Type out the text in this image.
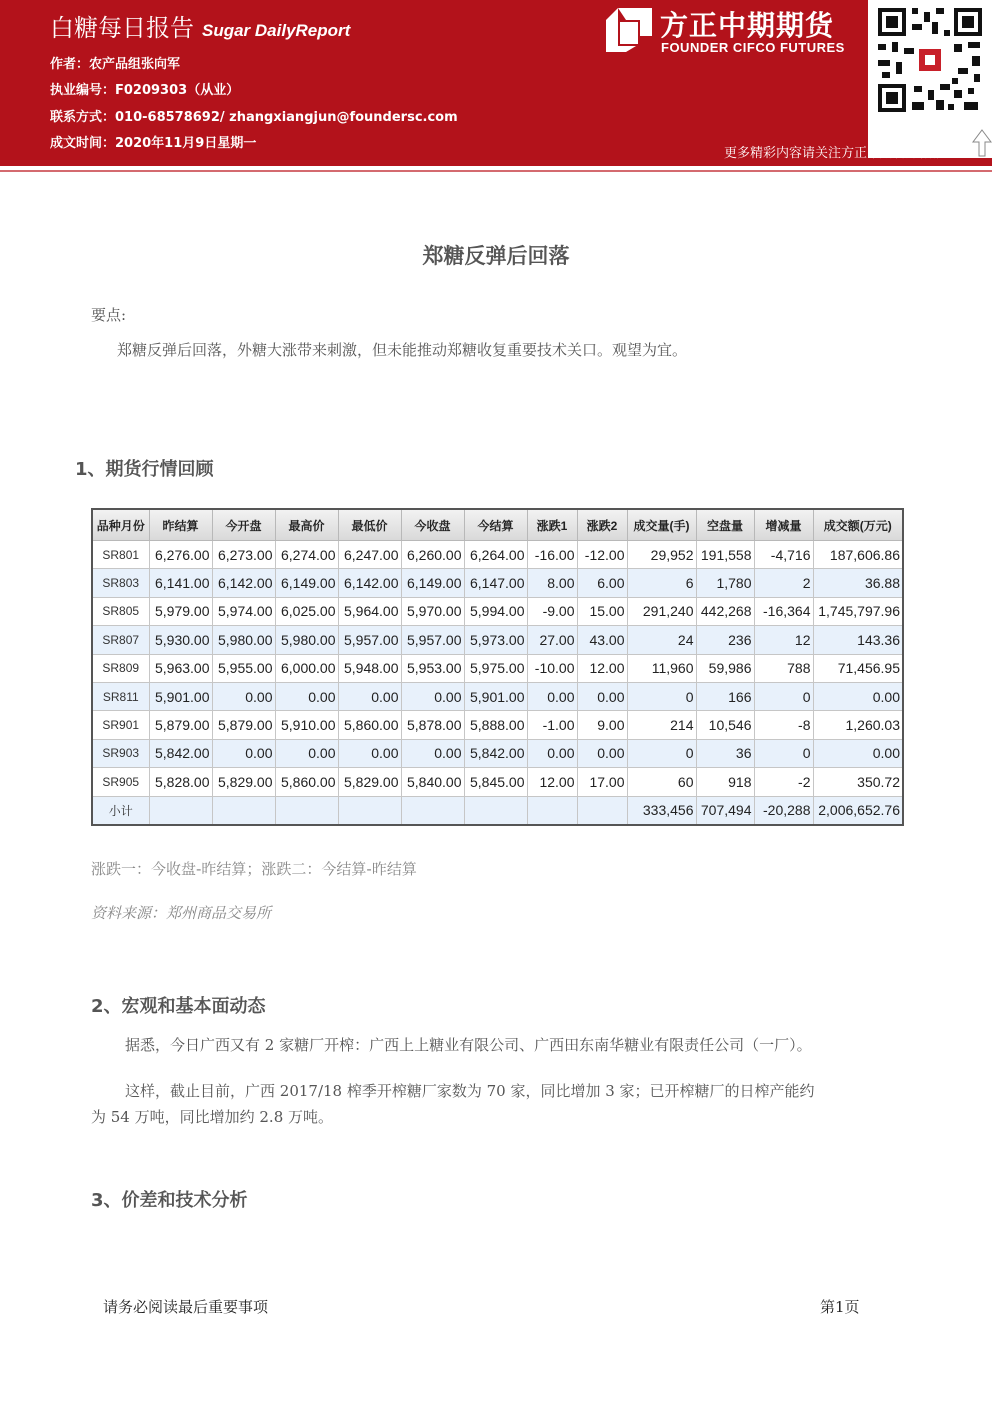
白糖每日报告 Sugar DailyReport
作者：农产品组张向军
执业编号：F0209303（从业）
联系方式：010-68578692/ zhangxiangjun@foundersc.com
成文时间：2020年11月9日星期一
方正中期期货
FOUNDER CIFCO FUTURES
更多精彩内容请关注方正中期官方微信
郑糖反弹后回落
要点:
郑糖反弹后回落，外糖大涨带来刺激，但未能推动郑糖收复重要技术关口。观望为宜。
1、期货行情回顾
品种月份	昨结算	今开盘	最高价	最低价	今收盘	今结算	涨跌1	涨跌2	成交量(手)	空盘量	增减量	成交额(万元)
SR801	6,276.00	6,273.00	6,274.00	6,247.00	6,260.00	6,264.00	-16.00	-12.00	29,952	191,558	-4,716	187,606.86
SR803	6,141.00	6,142.00	6,149.00	6,142.00	6,149.00	6,147.00	8.00	6.00	6	1,780	2	36.88
SR805	5,979.00	5,974.00	6,025.00	5,964.00	5,970.00	5,994.00	-9.00	15.00	291,240	442,268	-16,364	1,745,797.96
SR807	5,930.00	5,980.00	5,980.00	5,957.00	5,957.00	5,973.00	27.00	43.00	24	236	12	143.36
SR809	5,963.00	5,955.00	6,000.00	5,948.00	5,953.00	5,975.00	-10.00	12.00	11,960	59,986	788	71,456.95
SR811	5,901.00	0.00	0.00	0.00	0.00	5,901.00	0.00	0.00	0	166	0	0.00
SR901	5,879.00	5,879.00	5,910.00	5,860.00	5,878.00	5,888.00	-1.00	9.00	214	10,546	-8	1,260.03
SR903	5,842.00	0.00	0.00	0.00	0.00	5,842.00	0.00	0.00	0	36	0	0.00
SR905	5,828.00	5,829.00	5,860.00	5,829.00	5,840.00	5,845.00	12.00	17.00	60	918	-2	350.72
小计									333,456	707,494	-20,288	2,006,652.76
涨跌一：今收盘-昨结算；涨跌二：今结算-昨结算
资料来源：郑州商品交易所
2、宏观和基本面动态
据悉，今日广西又有 2 家糖厂开榨：广西上上糖业有限公司、广西田东南华糖业有限责任公司（一厂）。
这样，截止目前，广西 2017/18 榨季开榨糖厂家数为 70 家，同比增加 3 家；已开榨糖厂的日榨产能约
为 54 万吨，同比增加约 2.8 万吨。
3、价差和技术分析
请务必阅读最后重要事项	第1页
